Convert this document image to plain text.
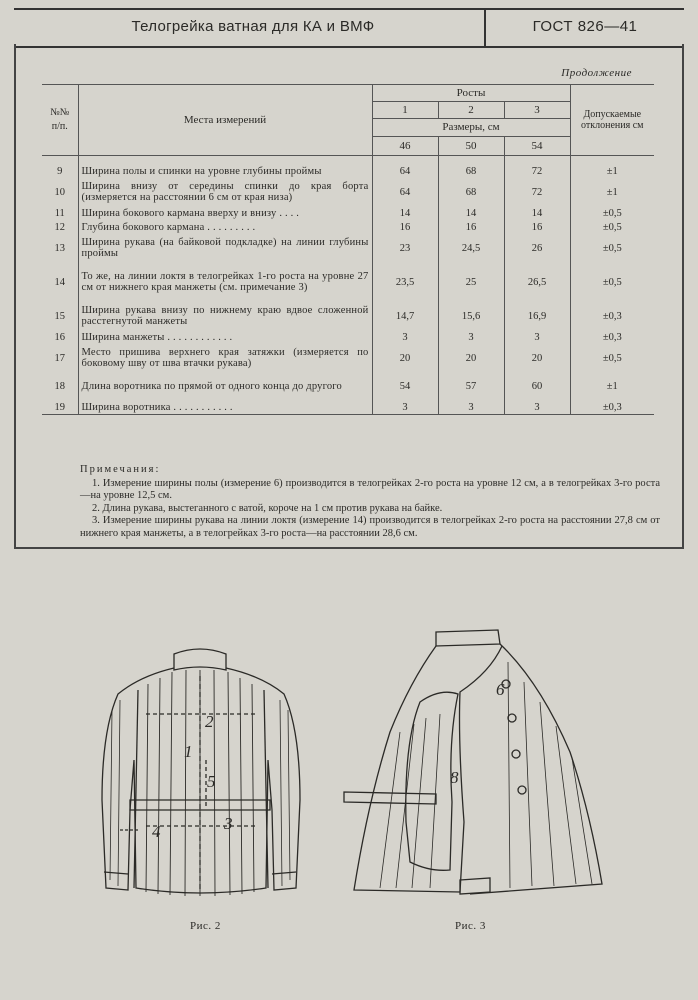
Телогрейка ватная для КА и ВМФ	ГОСТ 826—41
Продолжение
№№ п/п.	Места измерений	Росты			Допускаемые отклонения см
		1	2	3	
		Размеры, см			
		46	50	54	

9	Ширина полы и спинки на уровне глубины проймы	64	68	72	±1
10	Ширина внизу от середины спинки до края борта (измеряется на расстоянии 6 см от края низа)	64	68	72	±1
11	Ширина бокового кармана вверху и внизу . . . .	14	14	14	±0,5
12	Глубина бокового кармана . . . . . . . . .	16	16	16	±0,5
13	Ширина рукава (на байковой подкладке) на линии глубины проймы	23	24,5	26	±0,5
14	То же, на линии локтя в телогрейках 1-го роста на уровне 27 см от нижнего края манжеты (см. примечание 3)	23,5	25	26,5	±0,5
15	Ширина рукава внизу по нижнему краю вдвое сложенной расстегнутой манжеты	14,7	15,6	16,9	±0,3
16	Ширина манжеты . . . . . . . . . . . .	3	3	3	±0,3
17	Место пришива верхнего края затяжки (измеряется по боковому шву от шва втачки рукава)	20	20	20	±0,5
18	Длина воротника по прямой от одного конца до другого	54	57	60	±1
19	Ширина воротника . . . . . . . . . . .	3	3	3	±0,3
Примечания:

1. Измерение ширины полы (измерение 6) производится в телогрейках 2-го роста на уровне 12 см, а в телогрейках 3-го роста—на уровне 12,5 см.

2. Длина рукава, выстеганного с ватой, короче на 1 см против рукава на байке.

3. Измерение ширины рукава на линии локтя (измерение 14) производится в телогрейках 2-го роста на расстоянии 27,8 см от нижнего края манжеты, а в телогрейках 3-го роста—на расстоянии 28,6 см.

2
1
5
3
4
Рис. 2
6
8
Рис. 3
